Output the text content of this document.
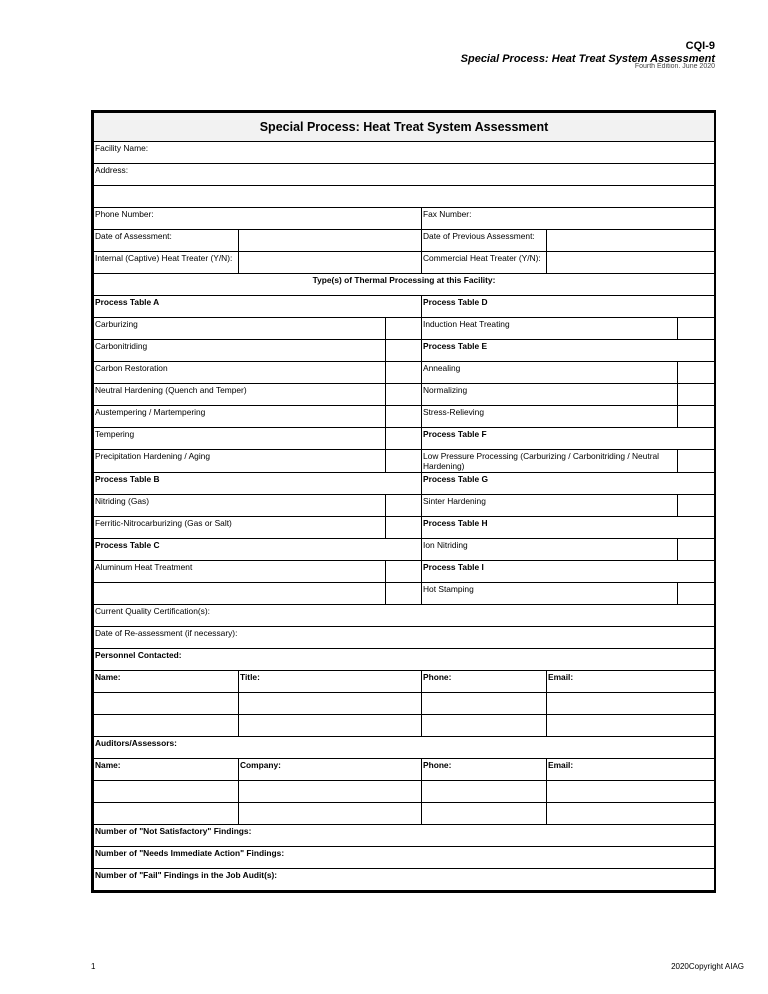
CQI-9
Special Process: Heat Treat System Assessment
Fourth Edition, June 2020
Special Process: Heat Treat System Assessment					
Facility Name:					
Address:					

Phone Number:			Fax Number:		
Date of Assessment:			Date of Previous Assessment:		
Internal (Captive) Heat Treater (Y/N):			Commercial Heat Treater (Y/N):		
Type(s) of Thermal Processing at this Facility:					
Process Table A			Process Table D		
Carburizing			Induction Heat Treating		
Carbonitriding			Process Table E		
Carbon Restoration			Annealing		
Neutral Hardening (Quench and Temper)			Normalizing		
Austempering / Martempering			Stress-Relieving		
Tempering			Process Table F		
Precipitation Hardening / Aging			Low Pressure Processing (Carburizing / Carbonitriding / Neutral Hardening)		
Process Table B			Process Table G		
Nitriding (Gas)			Sinter Hardening		
Ferritic-Nitrocarburizing (Gas or Salt)			Process Table H		
Process Table C			Ion Nitriding		
Aluminum Heat Treatment			Process Table I		
			Hot Stamping		
Current Quality Certification(s):					
Date of Re-assessment (if necessary):					
Personnel Contacted:					
Name:	Title:		Phone:	Email:	

Auditors/Assessors:					
Name:	Company:		Phone:	Email:	

Number of "Not Satisfactory" Findings:					
Number of "Needs Immediate Action" Findings:					
Number of "Fail" Findings in the Job Audit(s):					
1	2020Copyright AIAG
